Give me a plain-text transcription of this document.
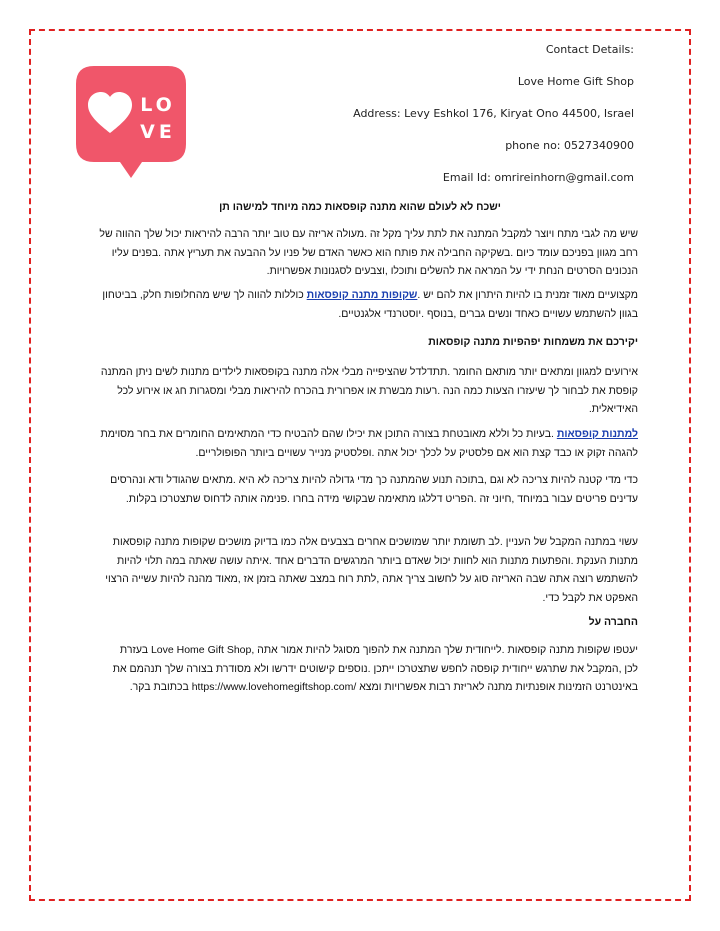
LO
VE
Contact Details:
Love Home Gift Shop
Address: Levy Eshkol 176, Kiryat Ono 44500, Israel
phone no: 0527340900
Email Id: omrireinhorn@gmail.com
ישכח לא לעולם שהוא מתנה קופסאות כמה מיוחד למישהו תן

שיש מה לגבי מתח ויוצר למקבל המתנה את לתת עליך מקל זה .מעולה אריזה עם טוב יותר הרבה להיראות יכול שלך ההווה של רחב מגוון בפניכם עומד כיום .בשקיקה החבילה את פותח הוא כאשר האדם של פניו על ההבעה את תעריץ אתה .בפנים עליו הנכונים הסרטים הנחת ידי על המראה את להשלים ותוכלו ,וצבעים לסגנונות אפשרויות.

מקצועיים מאוד זמנית בו להיות היתרון את להם יש .שקופות מתנה קופסאות כוללות להווה לך שיש מהחלופות חלק, בביטחון בגוון להשתמש עשויים כאחד ונשים גברים ,בנוסף .יוסטרנדי אלגנטיים.

יקירכם את משמחות יפהפיות מתנה קופסאות

אירועים למגוון ומתאים יותר מותאם החומר .תתדלדל שהציפייה מבלי אלה מתנה בקופסאות לילדים מתנות לשים ניתן המתנה קופסת את לבחור לך שיעזרו הצעות כמה הנה .רעות מבשרת או אפרורית בהכרח להיראות מבלי ומסגרות חג או אירוע לכל האידיאלית.

למתנות קופסאות .בעיות כל וללא מאובטחת בצורה התוכן את יכילו שהם להבטיח כדי המתאימים החומרים את בחר מסוימת להגהה זקוק או כבד קצת הוא אם פלסטיק על לכלך יכול אתה .ופלסטיק מנייר עשויים ביותר הפופולריים.

כדי מדי קטנה להיות צריכה לא וגם ,בתוכה תנוע שהמתנה כך מדי גדולה להיות צריכה לא היא .מתאים שהגודל ודא ונהרסים עדינים פריטים עבור במיוחד ,חיוני זה .הפריט דללגו מתאימה שבקושי מידה בחרו .פנימה אותה לדחוס שתצטרכו בקלות.

עשוי במתנה המקבל של העניין .לב תשומת יותר שמושכים אחרים בצבעים אלה כמו בדיוק מושכים שקופות מתנה קופסאות מתנות הענקת .והפתעות מתנות הוא לחוות יכול שאדם ביותר המרגשים הדברים אחד .איתה עושה שאתה במה תלוי להיות להשתמש רוצה אתה שבה האריזה סוג על לחשוב צריך אתה ,לתת רוח במצב שאתה בזמן אז ,מאוד מהנה להיות עשייה הרצוי האפקט את לקבל כדי.

החברה על
יעטפו שקופות מתנה קופסאות .לייחודית שלך המתנה את להפוך מסוגל להיות אמור אתה ,Love Home Gift Shop בעזרת
לכן ,המקבל את שתרגש ייחודית קופסה לחפש שתצטרכו ייתכן .נוספים קישוטים ידרשו ולא מסודרת בצורה שלך תנהמם את
באינטרנט הזמינות אופנתיות מתנה לאריזת רבות אפשרויות ומצא /https://www.lovehomegiftshop.com בכתובת בקר.
